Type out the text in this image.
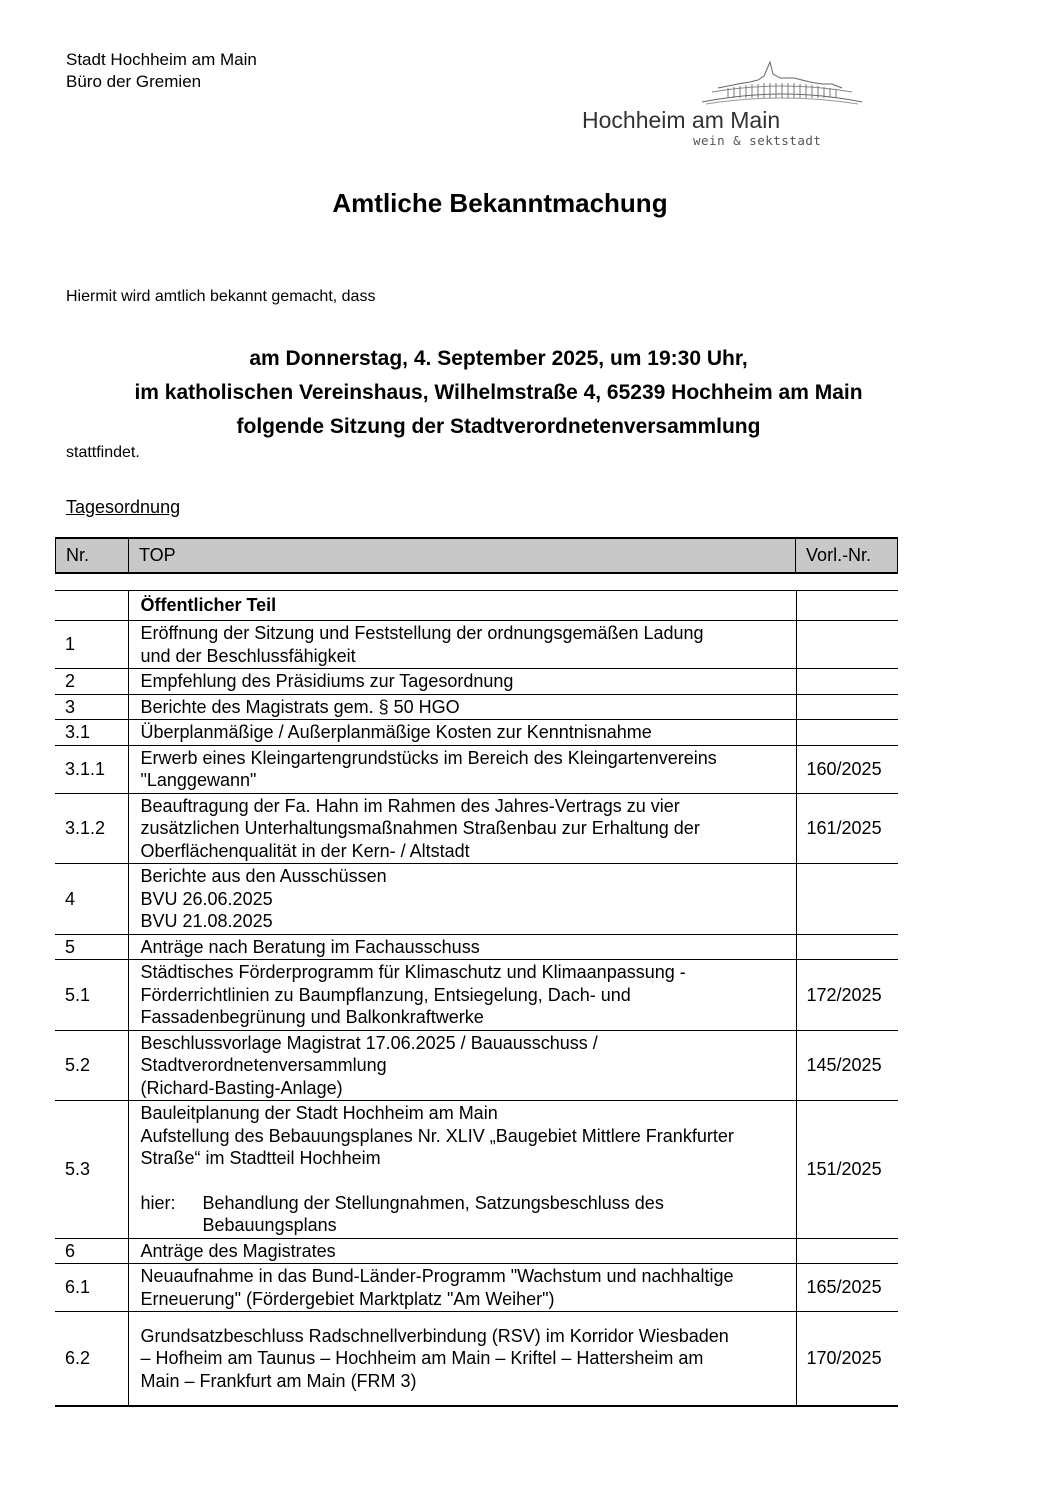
Stadt Hochheim am Main
Büro der Gremien
Hochheim am Main
wein & sektstadt
Amtliche Bekanntmachung
Hiermit wird amtlich bekannt gemacht, dass
am Donnerstag, 4. September 2025, um 19:30 Uhr,
im katholischen Vereinshaus, Wilhelmstraße 4, 65239 Hochheim am Main
folgende Sitzung der Stadtverordnetenversammlung
stattfindet.
Tagesordnung
Nr.	TOP	Vorl.-Nr.
	Öffentlicher Teil	
1	Eröffnung der Sitzung und Feststellung der ordnungsgemäßen Ladung
und der Beschlussfähigkeit	

2	Empfehlung des Präsidiums zur Tagesordnung	

3	Berichte des Magistrats gem. § 50 HGO	

3.1	Überplanmäßige / Außerplanmäßige Kosten zur Kenntnisnahme	

3.1.1	Erwerb eines Kleingartengrundstücks im Bereich des Kleingartenvereins
"Langgewann"	160/2025
3.1.2	Beauftragung der Fa. Hahn im Rahmen des Jahres-Vertrags zu vier
zusätzlichen Unterhaltungsmaßnahmen Straßenbau zur Erhaltung der
Oberflächenqualität in der Kern- / Altstadt	161/2025
4	Berichte aus den Ausschüssen
BVU 26.06.2025
BVU 21.08.2025	

5	Anträge nach Beratung im Fachausschuss	

5.1	Städtisches Förderprogramm für Klimaschutz und Klimaanpassung -
Förderrichtlinien zu Baumpflanzung, Entsiegelung, Dach- und
Fassadenbegrünung und Balkonkraftwerke	172/2025
5.2	Beschlussvorlage Magistrat 17.06.2025 / Bauausschuss /
Stadtverordnetenversammlung
(Richard-Basting-Anlage)	145/2025
5.3	Bauleitplanung der Stadt Hochheim am Main
Aufstellung des Bebauungsplanes Nr. XLIV „Baugebiet Mittlere Frankfurter
Straße“ im Stadtteil Hochheim
hier: Behandlung der Stellungnahmen, Satzungsbeschluss des
Bebauungsplans	151/2025
6	Anträge des Magistrates	

6.1	Neuaufnahme in das Bund-Länder-Programm "Wachstum und nachhaltige
Erneuerung" (Fördergebiet Marktplatz "Am Weiher")	165/2025
6.2	Grundsatzbeschluss Radschnellverbindung (RSV) im Korridor Wiesbaden
– Hofheim am Taunus – Hochheim am Main – Kriftel – Hattersheim am
Main – Frankfurt am Main (FRM 3)	170/2025
